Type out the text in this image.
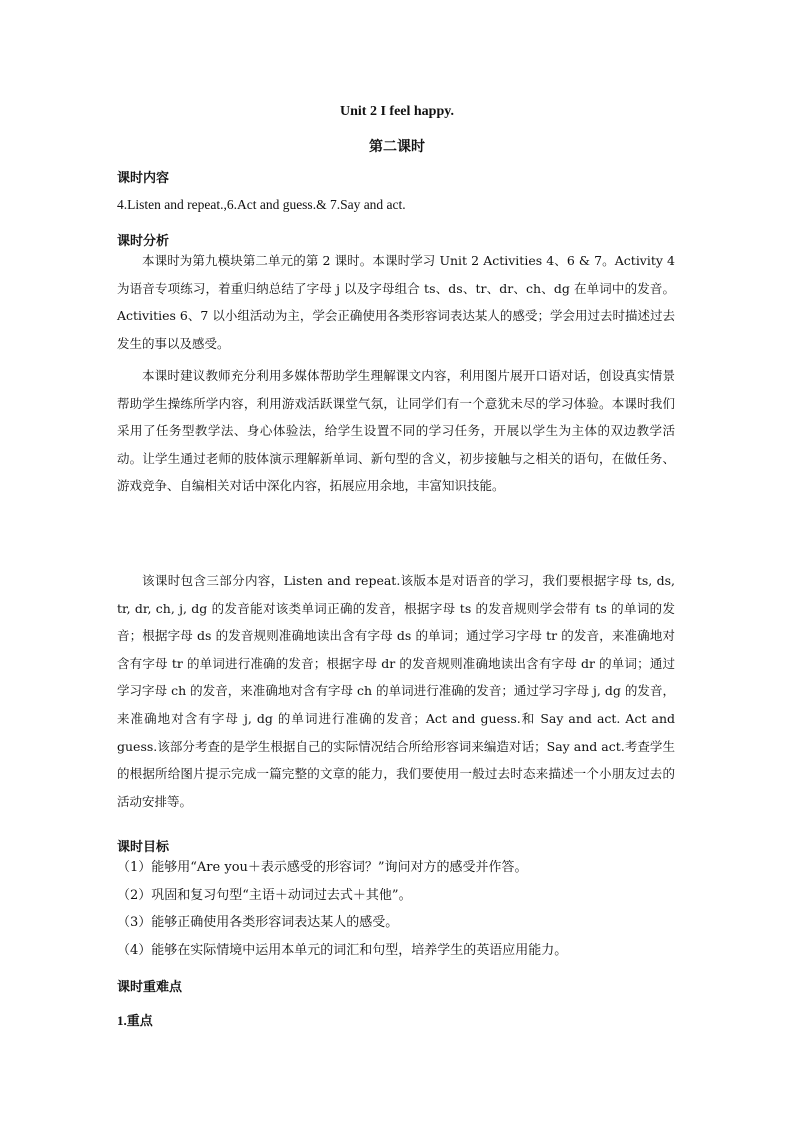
Unit 2 I feel happy.
第二课时
课时内容
4.Listen and repeat.,6.Act and guess.& 7.Say and act.
课时分析

本课时为第九模块第二单元的第 2 课时。本课时学习 Unit 2 Activities 4、6 & 7。Activity 4 为语音专项练习，着重归纳总结了字母 j 以及字母组合 ts、ds、tr、dr、ch、dg 在单词中的发音。Activities 6、7 以小组活动为主，学会正确使用各类形容词表达某人的感受；学会用过去时描述过去发生的事以及感受。

本课时建议教师充分利用多媒体帮助学生理解课文内容，利用图片展开口语对话，创设真实情景帮助学生操练所学内容，利用游戏活跃课堂气氛，让同学们有一个意犹未尽的学习体验。本课时我们采用了任务型教学法、身心体验法，给学生设置不同的学习任务，开展以学生为主体的双边教学活动。让学生通过老师的肢体演示理解新单词、新句型的含义，初步接触与之相关的语句，在做任务、游戏竞争、自编相关对话中深化内容，拓展应用余地，丰富知识技能。

该课时包含三部分内容，Listen and repeat.该版本是对语音的学习，我们要根据字母 ts, ds, tr, dr, ch, j, dg 的发音能对该类单词正确的发音，根据字母 ts 的发音规则学会带有 ts 的单词的发音；根据字母 ds 的发音规则准确地读出含有字母 ds 的单词；通过学习字母 tr 的发音，来准确地对含有字母 tr 的单词进行准确的发音；根据字母 dr 的发音规则准确地读出含有字母 dr 的单词；通过学习字母 ch 的发音，来准确地对含有字母 ch 的单词进行准确的发音；通过学习字母 j, dg 的发音，来准确地对含有字母 j, dg 的单词进行准确的发音；Act and guess.和 Say and act. Act and guess.该部分考查的是学生根据自己的实际情况结合所给形容词来编造对话；Say and act.考查学生的根据所给图片提示完成一篇完整的文章的能力，我们要使用一般过去时态来描述一个小朋友过去的活动安排等。

课时目标
（1）能够用“Are you＋表示感受的形容词？”询问对方的感受并作答。
（2）巩固和复习句型“主语＋动词过去式＋其他”。
（3）能够正确使用各类形容词表达某人的感受。
（4）能够在实际情境中运用本单元的词汇和句型，培养学生的英语应用能力。
课时重难点
1.重点
